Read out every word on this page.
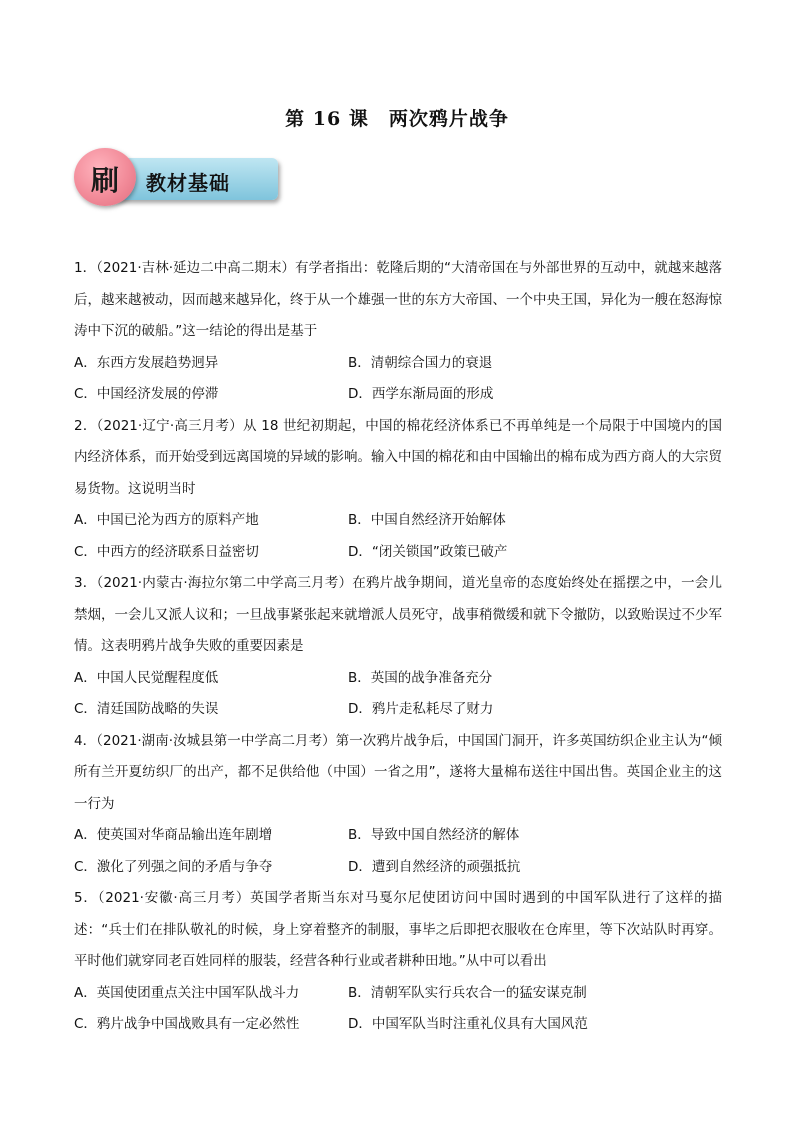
第 16 课　两次鸦片战争
教材基础
刷
1．（2021·吉林·延边二中高二期末）有学者指出：乾隆后期的“大清帝国在与外部世界的互动中，就越来越落后，越来越被动，因而越来越异化，终于从一个雄强一世的东方大帝国、一个中央王国，异化为一艘在怒海惊涛中下沉的破船。”这一结论的得出是基于
A．东西方发展趋势迥异	B．清朝综合国力的衰退
C．中国经济发展的停滞	D．西学东渐局面的形成
2．（2021·辽宁·高三月考）从 18 世纪初期起，中国的棉花经济体系已不再单纯是一个局限于中国境内的国内经济体系，而开始受到远离国境的异域的影响。输入中国的棉花和由中国输出的棉布成为西方商人的大宗贸易货物。这说明当时
A．中国已沦为西方的原料产地	B．中国自然经济开始解体
C．中西方的经济联系日益密切	D．“闭关锁国”政策已破产
3．（2021·内蒙古·海拉尔第二中学高三月考）在鸦片战争期间，道光皇帝的态度始终处在摇摆之中，一会儿禁烟，一会儿又派人议和；一旦战事紧张起来就增派人员死守，战事稍微缓和就下令撤防，以致贻误过不少军情。这表明鸦片战争失败的重要因素是
A．中国人民觉醒程度低	B．英国的战争准备充分
C．清廷国防战略的失误	D．鸦片走私耗尽了财力
4．（2021·湖南·汝城县第一中学高二月考）第一次鸦片战争后，中国国门洞开，许多英国纺织企业主认为“倾所有兰开夏纺织厂的出产，都不足供给他（中国）一省之用”，遂将大量棉布送往中国出售。英国企业主的这一行为
A．使英国对华商品输出连年剧增	B．导致中国自然经济的解体
C．激化了列强之间的矛盾与争夺	D．遭到自然经济的顽强抵抗
5．（2021·安徽·高三月考）英国学者斯当东对马戛尔尼使团访问中国时遇到的中国军队进行了这样的描述：“兵士们在排队敬礼的时候，身上穿着整齐的制服，事毕之后即把衣服收在仓库里，等下次站队时再穿。平时他们就穿同老百姓同样的服装，经营各种行业或者耕种田地。”从中可以看出
A．英国使团重点关注中国军队战斗力	B．清朝军队实行兵农合一的猛安谋克制
C．鸦片战争中国战败具有一定必然性	D．中国军队当时注重礼仪具有大国风范
